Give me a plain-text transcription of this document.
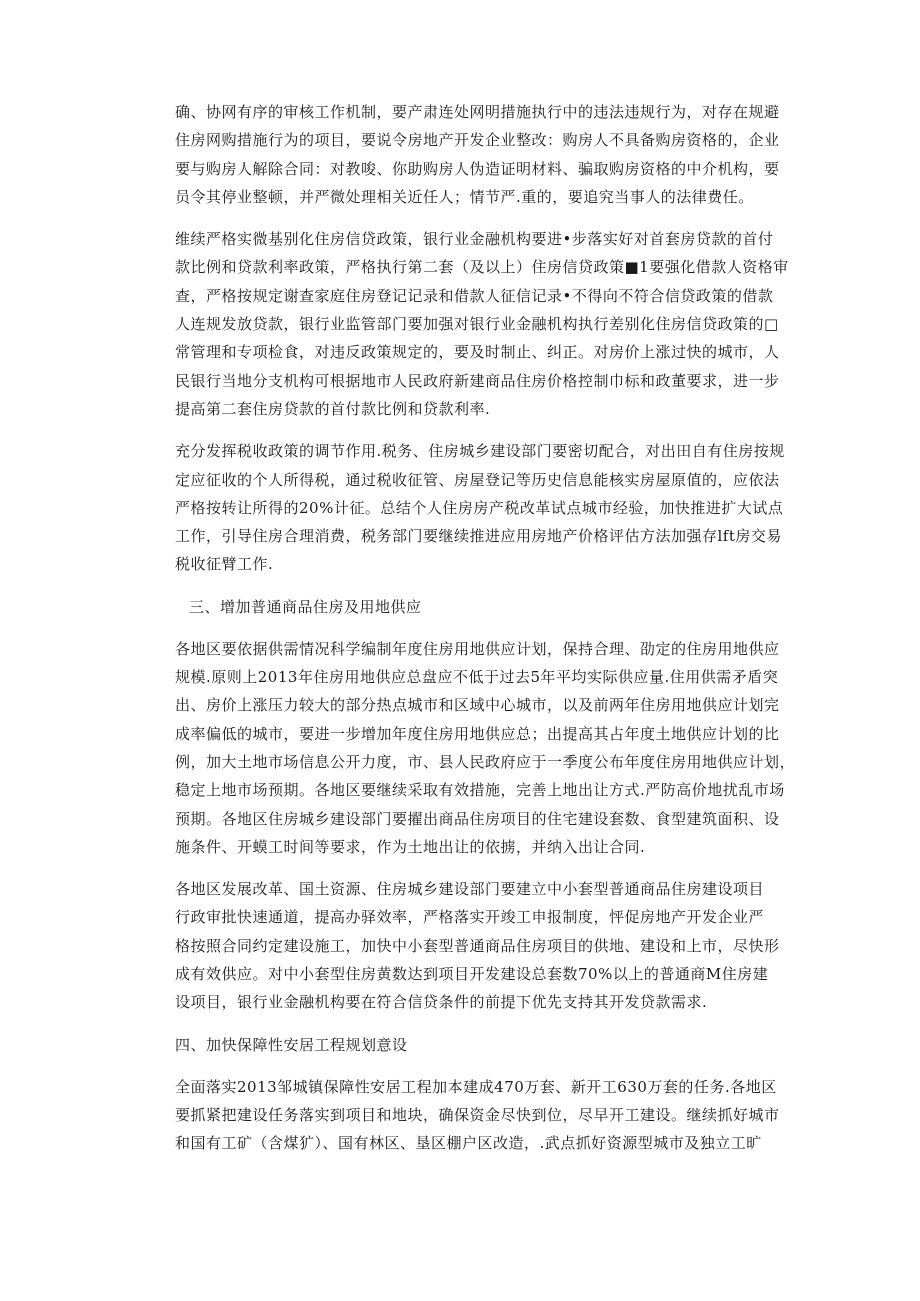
确、协网有序的审核工作机制，要产肃连处网明措施执行中的违法违规行为，对存在规避
住房网购措施行为的项目，要说令房地产开发企业整改：购房人不具备购房资格的，企业
要与购房人解除合同：对教唆、你助购房人伪造证明材料、骗取购房资格的中介机构，要
员令其停业整顿，并严微处理相关近任人；情节严.重的，要追究当事人的法律费任。

维续严格实微基别化住房信贷政策，银行业金融机构要进•步落实好对首套房贷款的首付
款比例和贷款利率政策，严格执行第二套（及以上）住房信贷政策■1要强化借款人资格审
查，严格按规定谢查家庭住房登记记录和借款人征信记录•不得向不符合信贷政策的借款
人连规发放贷款，银行业监管部门要加强对银行业金融机构执行差别化住房信贷政策的□
常管理和专项检食，对违反政策规定的，要及时制止、纠正。对房价上涨过快的城市，人
民银行当地分支机构可根据地市人民政府新建商品住房价格控制巾标和政董要求，进一步
提高第二套住房贷款的首付款比例和贷款利率.

充分发挥税收政策的调节作用.税务、住房城乡建设部门要密切配合，对出田自有住房按规
定应征收的个人所得税，通过税收征管、房屋登记等历史信息能核实房屋原值的，应依法
严格按转让所得的20%计征。总结个人住房房产税改革试点城市经验，加快推进扩大试点
工作，引导住房合理消费，税务部门要继续推进应用房地产价格评估方法加强存lft房交易
税收征臂工作.

三、增加普通商品住房及用地供应

各地区要依据供需情况科学编制年度住房用地供应计划，保持合理、劭定的住房用地供应
规模.原则上2013年住房用地供应总盘应不低于过去5年平均实际供应量.住用供需矛盾突
出、房价上涨压力较大的部分热点城市和区域中心城市，以及前两年住房用地供应计划完
成率偏低的城市，要进一步增加年度住房用地供应总；出提高其占年度土地供应计划的比
例，加大土地市场信息公开力度，市、县人民政府应于一季度公布年度住房用地供应计划，
稳定上地市场预期。各地区要继续采取有效措施，完善上地出让方式.严防高价地扰乱市场
预期。各地区住房城乡建设部门要擢出商品住房项目的住宅建设套数、食型建筑面积、设
施条件、开蟆工时间等要求，作为土地出让的依掳，并纳入出让合同.

各地区发展改革、国土资源、住房城乡建设部门要建立中小套型普通商品住房建设项目
行政审批快速通道，提高办驿效率，严格落实开竣工申报制度，怦促房地产开发企业严
格按照合同约定建设施工，加快中小套型普通商品住房项目的供地、建设和上市，尽快形
成有效供应。对中小套型住房黄数达到项目开发建设总套数70%以上的普通商M住房建
设项目，银行业金融机构要在符合信贷条件的前提下优先支持其开发贷款需求.

四、加快保障性安居工程规划意设

全面落实2013邹城镇保障性安居工程加本建成470万套、新开工630万套的任务.各地区
要抓紧把建设任务落实到项目和地块，确保资金尽快到位，尽早开工建设。继续抓好城市
和国有工矿（含煤犷）、国有林区、垦区棚户区改造，.武点抓好资源型城市及独立工旷
